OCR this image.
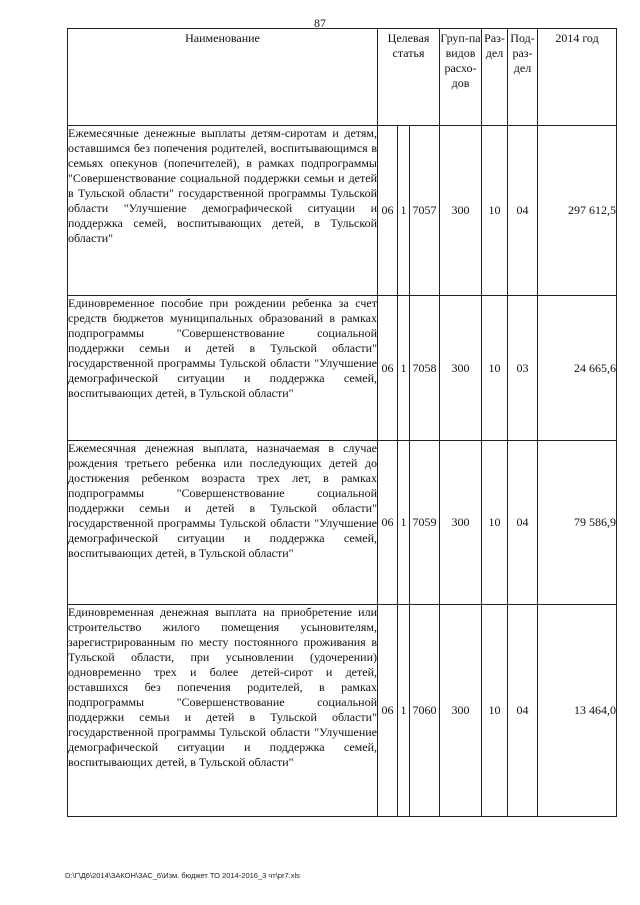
87
Наименование	Целевая статья			Груп-па видов расхо-дов	Раз-дел	Под-раз-дел	2014 год
Ежемесячные денежные выплаты детям-сиротам и детям, оставшимся без попечения родителей, воспитывающимся в семьях опекунов (попечителей), в рамках подпрограммы "Совершенствование социальной поддержки семьи и детей в Тульской области" государственной программы Тульской области "Улучшение демографической ситуации и поддержка семей, воспитывающих детей, в Тульской области"	06	1	7057	300	10	04	297 612,5
Единовременное пособие при рождении ребенка за счет средств бюджетов муниципальных образований в рамках подпрограммы "Совершенствование социальной поддержки семьи и детей в Тульской области" государственной программы Тульской области "Улучшение демографической ситуации и поддержка семей, воспитывающих детей, в Тульской области"	06	1	7058	300	10	03	24 665,6
Ежемесячная денежная выплата, назначаемая в случае рождения третьего ребенка или последующих детей до достижения ребенком возраста трех лет, в рамках подпрограммы "Совершенствование социальной поддержки семьи и детей в Тульской области" государственной программы Тульской области "Улучшение демографической ситуации и поддержка семей, воспитывающих детей, в Тульской области"	06	1	7059	300	10	04	79 586,9
Единовременная денежная выплата на приобретение или строительство жилого помещения усыновителям, зарегистрированным по месту постоянного проживания в Тульской области, при усыновлении (удочерении) одновременно трех и более детей-сирот и детей, оставшихся без попечения родителей, в рамках подпрограммы "Совершенствование социальной поддержки семьи и детей в Тульской области" государственной программы Тульской области "Улучшение демографической ситуации и поддержка семей, воспитывающих детей, в Тульской области"	06	1	7060	300	10	04	13 464,0
D:\Г\Д6\2014\ЗАКОН\ЗАС_6\Изм. бюджет ТО 2014-2016_3 чт\pr7.xls
